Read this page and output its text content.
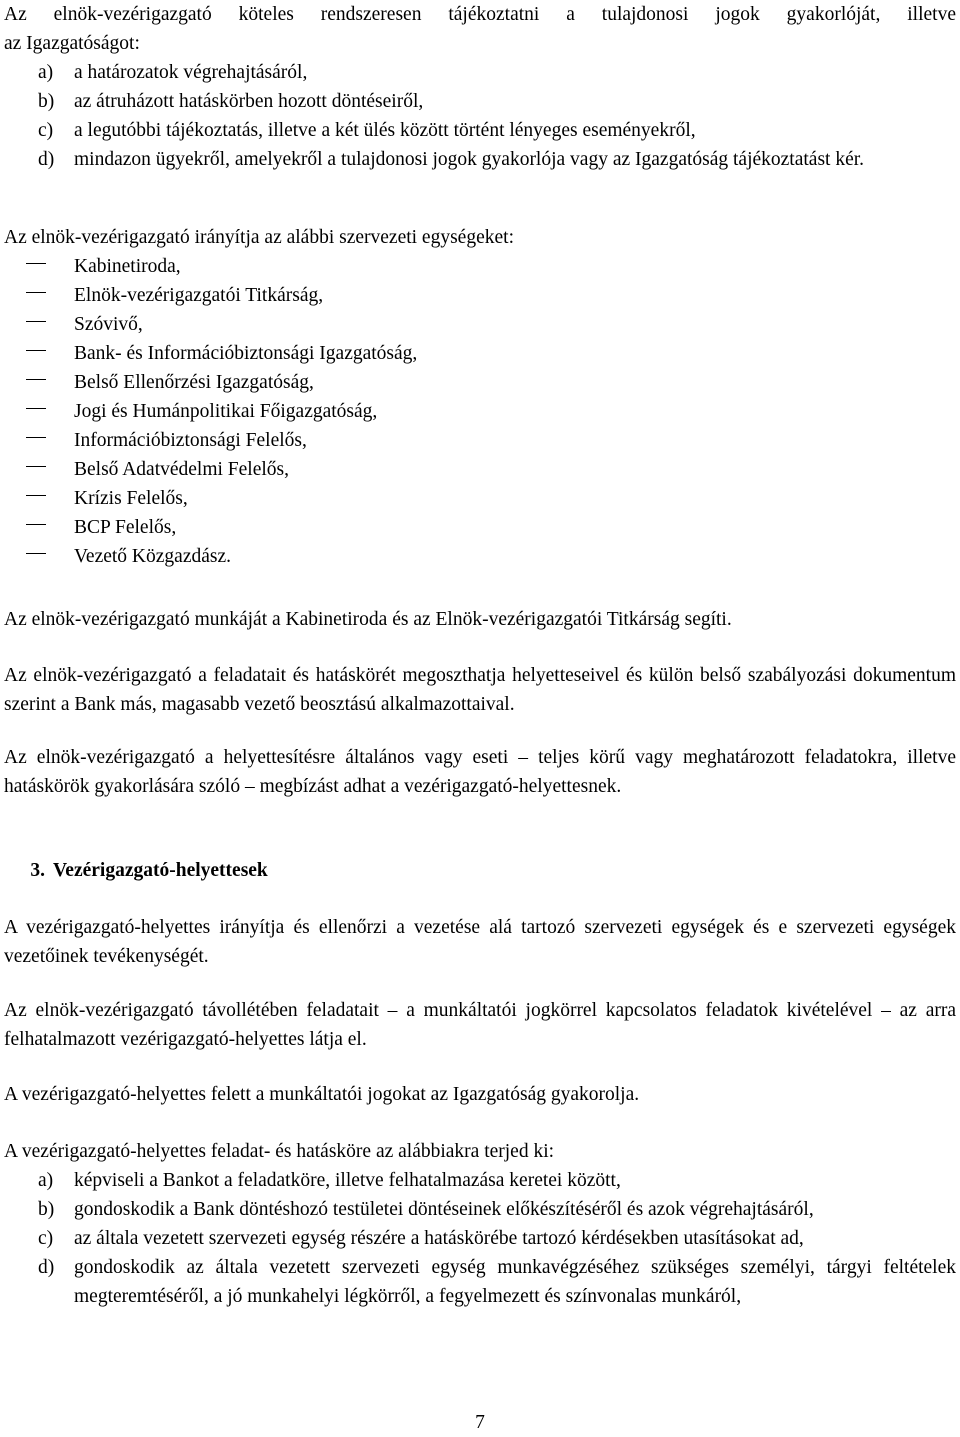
Az elnök-vezérigazgató köteles rendszeresen tájékoztatni a tulajdonosi jogok gyakorlóját, illetve

az Igazgatóságot:

a)	a határozatok végrehajtásáról,
b)	az átruházott hatáskörben hozott döntéseiről,
c)	a legutóbbi tájékoztatás, illetve a két ülés között történt lényeges eseményekről,
d)	mindazon ügyekről, amelyekről a tulajdonosi jogok gyakorlója vagy az Igazgatóság tájékoztatást kér.

Az elnök-vezérigazgató irányítja az alábbi szervezeti egységeket:

Kabinetiroda,
Elnök-vezérigazgatói Titkárság,
Szóvivő,
Bank- és Információbiztonsági Igazgatóság,
Belső Ellenőrzési Igazgatóság,
Jogi és Humánpolitikai Főigazgatóság,
Információbiztonsági Felelős,
Belső Adatvédelmi Felelős,
Krízis Felelős,
BCP Felelős,
Vezető Közgazdász.

Az elnök-vezérigazgató munkáját a Kabinetiroda és az Elnök-vezérigazgatói Titkárság segíti.

Az elnök-vezérigazgató a feladatait és hatáskörét megoszthatja helyetteseivel és külön belső szabályozási dokumentum szerint a Bank más, magasabb vezető beosztású alkalmazottaival.

Az elnök-vezérigazgató a helyettesítésre általános vagy eseti – teljes körű vagy meghatározott feladatokra, illetve hatáskörök gyakorlására szóló – megbízást adhat a vezérigazgató-helyettesnek.

3. Vezérigazgató-helyettesek

A vezérigazgató-helyettes irányítja és ellenőrzi a vezetése alá tartozó szervezeti egységek és e szervezeti egységek vezetőinek tevékenységét.

Az elnök-vezérigazgató távollétében feladatait – a munkáltatói jogkörrel kapcsolatos feladatok kivételével – az arra felhatalmazott vezérigazgató-helyettes látja el.

A vezérigazgató-helyettes felett a munkáltatói jogokat az Igazgatóság gyakorolja.

A vezérigazgató-helyettes feladat- és hatásköre az alábbiakra terjed ki:

a)	képviseli a Bankot a feladatköre, illetve felhatalmazása keretei között,
b)	gondoskodik a Bank döntéshozó testületei döntéseinek előkészítéséről és azok végrehajtásáról,
c)	az általa vezetett szervezeti egység részére a hatáskörébe tartozó kérdésekben utasításokat ad,
d)	gondoskodik az általa vezetett szervezeti egység munkavégzéséhez szükséges személyi, tárgyi feltételek megteremtéséről, a jó munkahelyi légkörről, a fegyelmezett és színvonalas munkáról,
7
